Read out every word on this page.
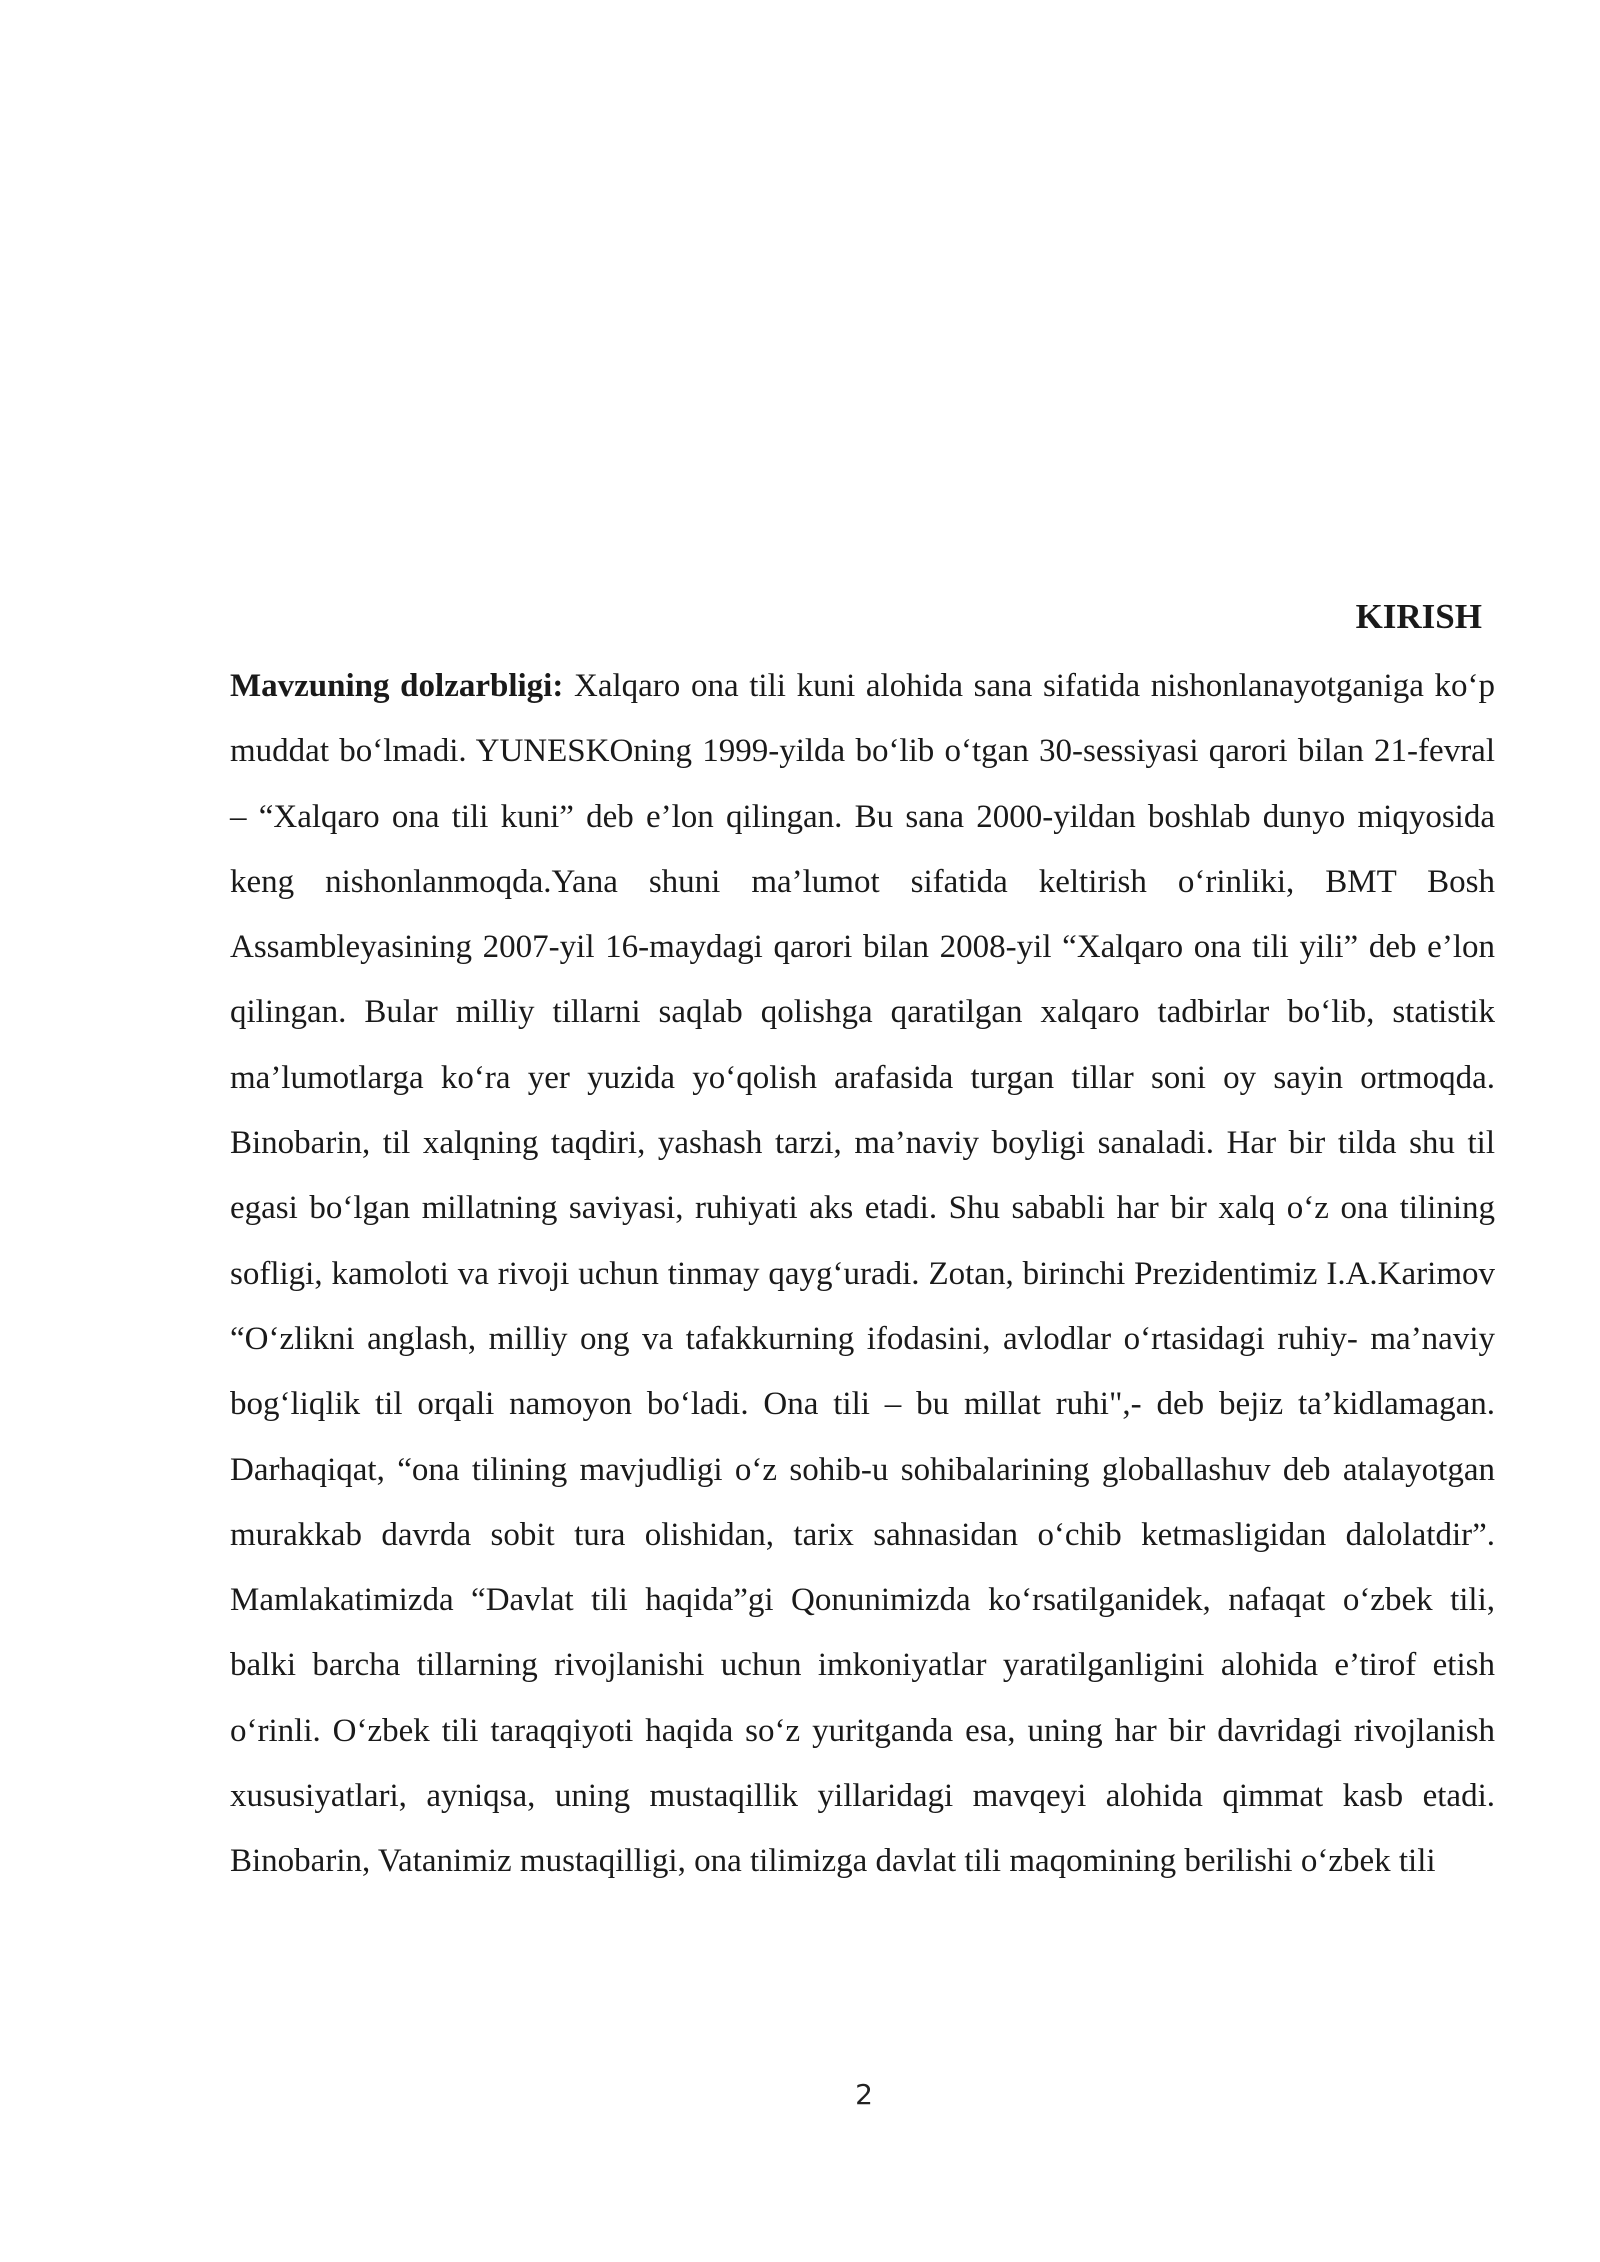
KIRISH

Mavzuning dolzarbligi: Xalqaro ona tili kuni alohida sana sifatida nishonlanayotganiga koʻp muddat boʻlmadi. YUNESKOning 1999-yilda boʻlib oʻtgan 30-sessiyasi qarori bilan 21-fevral – “Xalqaro ona tili kuni” deb e’lon qilingan. Bu sana 2000-yildan boshlab dunyo miqyosida keng nishonlanmoqda.Yana shuni ma’lumot sifatida keltirish oʻrinliki, BMT Bosh Assambleyasining 2007-yil 16-maydagi qarori bilan 2008-yil “Xalqaro ona tili yili” deb e’lon qilingan. Bular milliy tillarni saqlab qolishga qaratilgan xalqaro tadbirlar boʻlib, statistik ma’lumotlarga koʻra yer yuzida yoʻqolish arafasida turgan tillar soni oy sayin ortmoqda. Binobarin, til xalqning taqdiri, yashash tarzi, ma’naviy boyligi sanaladi. Har bir tilda shu til egasi boʻlgan millatning saviyasi, ruhiyati aks etadi. Shu sababli har bir xalq oʻz ona tilining sofligi, kamoloti va rivoji uchun tinmay qaygʻuradi. Zotan, birinchi Prezidentimiz I.A.Karimov “Oʻzlikni anglash, milliy ong va tafakkurning ifodasini, avlodlar oʻrtasidagi ruhiy- ma’naviy bogʻliqlik til orqali namoyon boʻladi. Ona tili – bu millat ruhi",- deb bejiz ta’kidlamagan. Darhaqiqat, “ona tilining mavjudligi oʻz sohib-u sohibalarining globallashuv deb atalayotgan murakkab davrda sobit tura olishidan, tarix sahnasidan oʻchib ketmasligidan dalolatdir”. Mamlakatimizda “Davlat tili haqida”gi Qonunimizda koʻrsatilganidek, nafaqat oʻzbek tili, balki barcha tillarning rivojlanishi uchun imkoniyatlar yaratilganligini alohida e’tirof etish oʻrinli. Oʻzbek tili taraqqiyoti haqida soʻz yuritganda esa, uning har bir davridagi rivojlanish xususiyatlari, ayniqsa, uning mustaqillik yillaridagi mavqeyi alohida qimmat kasb etadi. Binobarin, Vatanimiz mustaqilligi, ona tilimizga davlat tili maqomining berilishi oʻzbek tili

2
